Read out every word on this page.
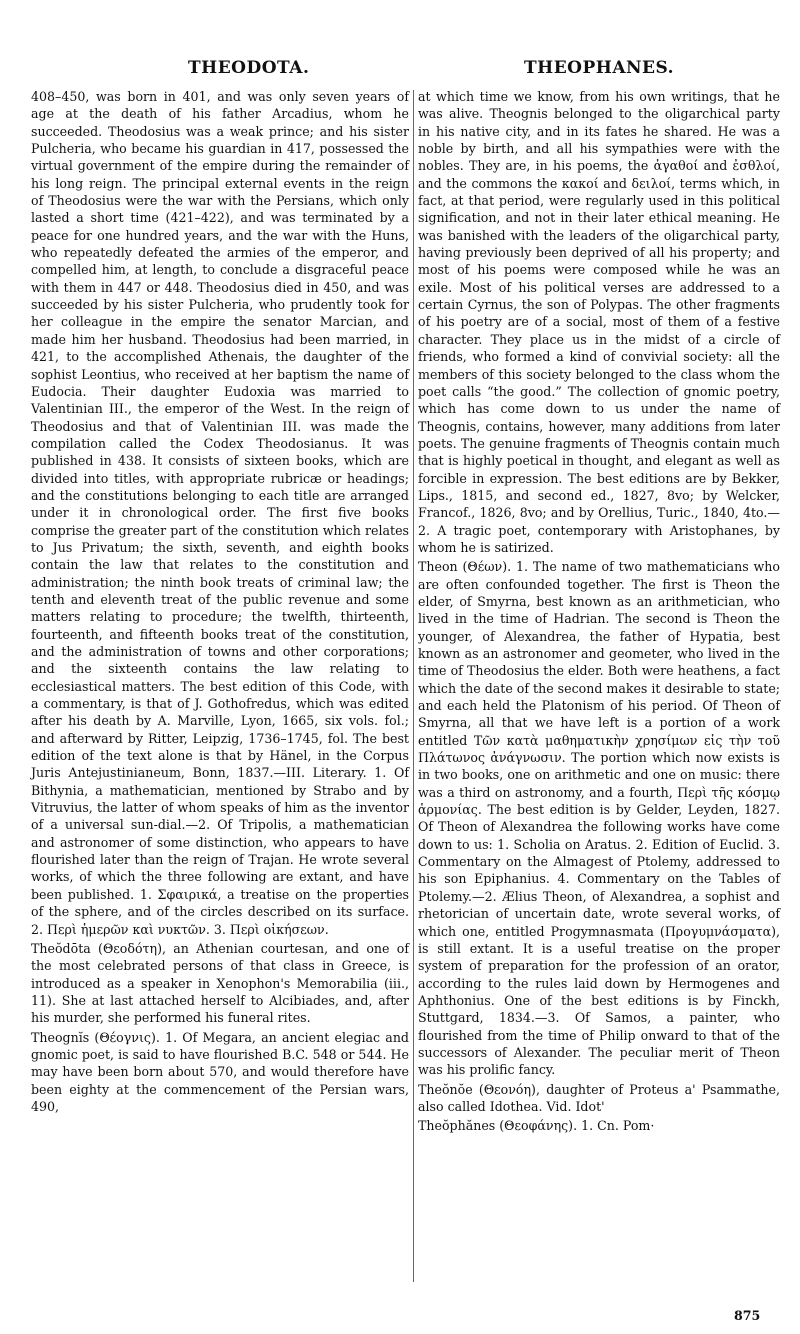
THEODOTA.	THEOPHANES.

408–450, was born in 401, and was only seven years of age at the death of his father Arcadius, whom he succeeded. Theodosius was a weak prince; and his sister Pulcheria, who became his guardian in 417, possessed the virtual government of the empire during the remainder of his long reign. The principal external events in the reign of Theodosius were the war with the Persians, which only lasted a short time (421–422), and was terminated by a peace for one hundred years, and the war with the Huns, who repeatedly defeated the armies of the emperor, and compelled him, at length, to conclude a disgraceful peace with them in 447 or 448. Theodosius died in 450, and was succeeded by his sister Pulcheria, who prudently took for her colleague in the empire the senator Marcian, and made him her husband. Theodosius had been married, in 421, to the accomplished Athenais, the daughter of the sophist Leontius, who received at her baptism the name of Eudocia. Their daughter Eudoxia was married to Valentinian III., the emperor of the West. In the reign of Theodosius and that of Valentinian III. was made the compilation called the Codex Theodosianus. It was published in 438. It consists of sixteen books, which are divided into titles, with appropriate rubricæ or headings; and the constitutions belonging to each title are arranged under it in chronological order. The first five books comprise the greater part of the constitution which relates to Jus Privatum; the sixth, seventh, and eighth books contain the law that relates to the constitution and administration; the ninth book treats of criminal law; the tenth and eleventh treat of the public revenue and some matters relating to procedure; the twelfth, thirteenth, fourteenth, and fifteenth books treat of the constitution, and the administration of towns and other corporations; and the sixteenth contains the law relating to ecclesiastical matters. The best edition of this Code, with a commentary, is that of J. Gothofredus, which was edited after his death by A. Marville, Lyon, 1665, six vols. fol.; and afterward by Ritter, Leipzig, 1736–1745, fol. The best edition of the text alone is that by Hänel, in the Corpus Juris Antejustinianeum, Bonn, 1837.—III. Literary. 1. Of Bithynia, a mathematician, mentioned by Strabo and by Vitruvius, the latter of whom speaks of him as the inventor of a universal sun-dial.—2. Of Tripolis, a mathematician and astronomer of some distinction, who appears to have flourished later than the reign of Trajan. He wrote several works, of which the three following are extant, and have been published. 1. Σφαιρικά, a treatise on the properties of the sphere, and of the circles described on its surface. 2. Περὶ ἡμερῶν καὶ νυκτῶν. 3. Περὶ οἰκήσεων.

Theŏdōta (Θεοδότη), an Athenian courtesan, and one of the most celebrated persons of that class in Greece, is introduced as a speaker in Xenophon's Memorabilia (iii., 11). She at last attached herself to Alcibiades, and, after his murder, she performed his funeral rites.

Theognĭs (Θέογνις). 1. Of Megara, an ancient elegiac and gnomic poet, is said to have flourished B.C. 548 or 544. He may have been born about 570, and would therefore have been eighty at the commencement of the Persian wars, 490,

at which time we know, from his own writings, that he was alive. Theognis belonged to the oligarchical party in his native city, and in its fates he shared. He was a noble by birth, and all his sympathies were with the nobles. They are, in his poems, the ἀγαθοί and ἐσθλοί, and the commons the κακοί and δειλοί, terms which, in fact, at that period, were regularly used in this political signification, and not in their later ethical meaning. He was banished with the leaders of the oligarchical party, having previously been deprived of all his property; and most of his poems were composed while he was an exile. Most of his political verses are addressed to a certain Cyrnus, the son of Polypas. The other fragments of his poetry are of a social, most of them of a festive character. They place us in the midst of a circle of friends, who formed a kind of convivial society: all the members of this society belonged to the class whom the poet calls “the good.” The collection of gnomic poetry, which has come down to us under the name of Theognis, contains, however, many additions from later poets. The genuine fragments of Theognis contain much that is highly poetical in thought, and elegant as well as forcible in expression. The best editions are by Bekker, Lips., 1815, and second ed., 1827, 8vo; by Welcker, Francof., 1826, 8vo; and by Orellius, Turic., 1840, 4to.—2. A tragic poet, contemporary with Aristophanes, by whom he is satirized.

Theon (Θέων). 1. The name of two mathematicians who are often confounded together. The first is Theon the elder, of Smyrna, best known as an arithmetician, who lived in the time of Hadrian. The second is Theon the younger, of Alexandrea, the father of Hypatia, best known as an astronomer and geometer, who lived in the time of Theodosius the elder. Both were heathens, a fact which the date of the second makes it desirable to state; and each held the Platonism of his period. Of Theon of Smyrna, all that we have left is a portion of a work entitled Τῶν κατὰ μαθηματικὴν χρησίμων εἰς τὴν τοῦ Πλάτωνος ἀνάγνωσιν. The portion which now exists is in two books, one on arithmetic and one on music: there was a third on astronomy, and a fourth, Περὶ τῆς κόσμῳ ἁρμονίας. The best edition is by Gelder, Leyden, 1827. Of Theon of Alexandrea the following works have come down to us: 1. Scholia on Aratus. 2. Edition of Euclid. 3. Commentary on the Almagest of Ptolemy, addressed to his son Epiphanius. 4. Commentary on the Tables of Ptolemy.—2. Ælius Theon, of Alexandrea, a sophist and rhetorician of uncertain date, wrote several works, of which one, entitled Progymnasmata (Προγυμνάσματα), is still extant. It is a useful treatise on the proper system of preparation for the profession of an orator, according to the rules laid down by Hermogenes and Aphthonius. One of the best editions is by Finckh, Stuttgard, 1834.—3. Of Samos, a painter, who flourished from the time of Philip onward to that of the successors of Alexander. The peculiar merit of Theon was his prolific fancy.

Theŏnŏe (Θεονόη), daughter of Proteus a' Psammathe, also called Idothea. Vid. Idot'

Theŏphănes (Θεοφάνης). 1. Cn. Pom·

875
